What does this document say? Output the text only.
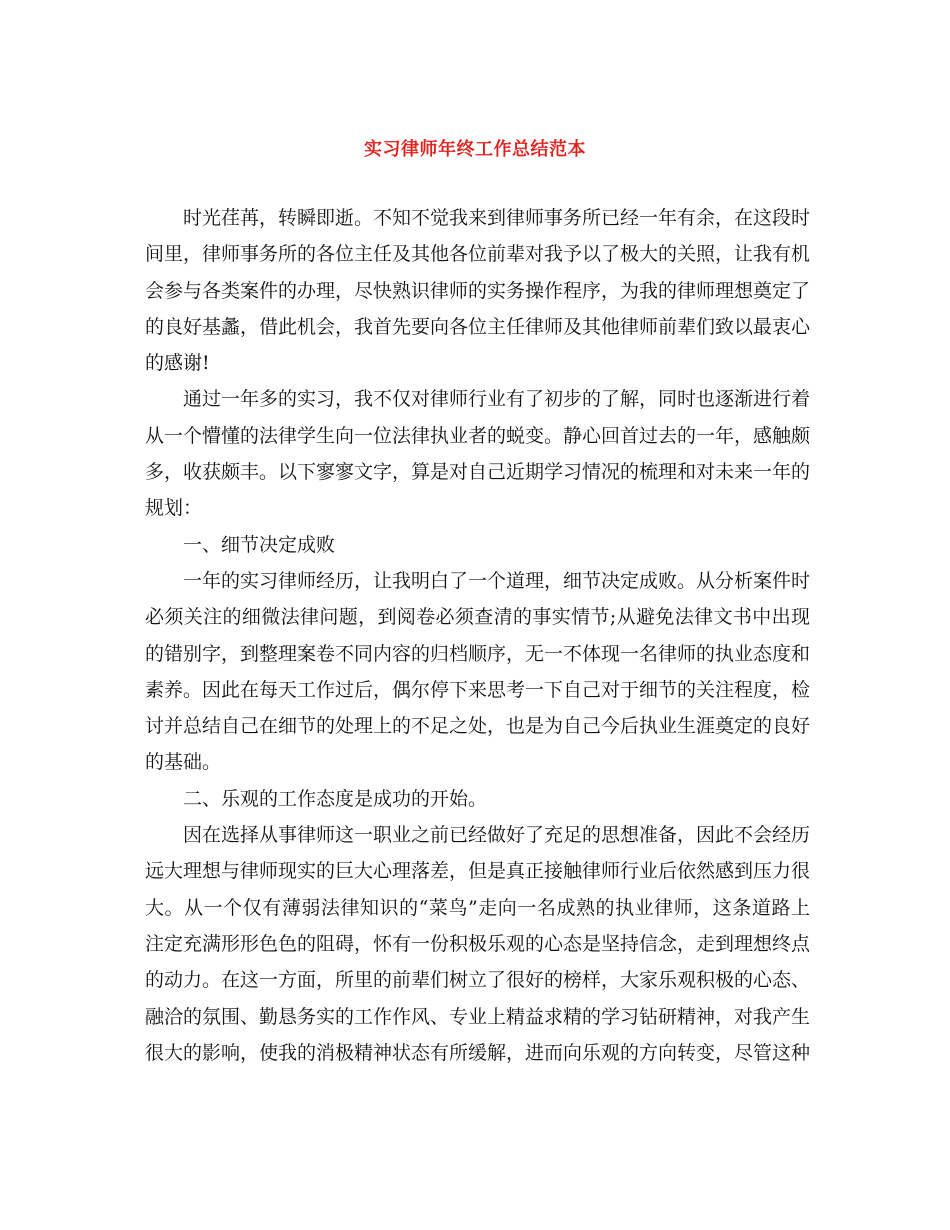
实习律师年终工作总结范本

时光荏苒，转瞬即逝。不知不觉我来到律师事务所已经一年有余，在这段时间里，律师事务所的各位主任及其他各位前辈对我予以了极大的关照，让我有机会参与各类案件的办理，尽快熟识律师的实务操作程序，为我的律师理想奠定了的良好基蠡，借此机会，我首先要向各位主任律师及其他律师前辈们致以最衷心的感谢!

通过一年多的实习，我不仅对律师行业有了初步的了解，同时也逐渐进行着从一个懵懂的法律学生向一位法律执业者的蜕变。静心回首过去的一年，感触颇多，收获颇丰。以下寥寥文字，算是对自己近期学习情况的梳理和对未来一年的规划：

一、细节决定成败

一年的实习律师经历，让我明白了一个道理，细节决定成败。从分析案件时必须关注的细微法律问题，到阅卷必须查清的事实情节;从避免法律文书中出现的错别字，到整理案卷不同内容的归档顺序，无一不体现一名律师的执业态度和素养。因此在每天工作过后，偶尔停下来思考一下自己对于细节的关注程度，检讨并总结自己在细节的处理上的不足之处，也是为自己今后执业生涯奠定的良好的基础。

二、乐观的工作态度是成功的开始。

因在选择从事律师这一职业之前已经做好了充足的思想准备，因此不会经历远大理想与律师现实的巨大心理落差，但是真正接触律师行业后依然感到压力很大。从一个仅有薄弱法律知识的“菜鸟”走向一名成熟的执业律师，这条道路上注定充满形形色色的阻碍，怀有一份积极乐观的心态是坚持信念，走到理想终点的动力。在这一方面，所里的前辈们树立了很好的榜样，大家乐观积极的心态、融洽的氛围、勤恳务实的工作作风、专业上精益求精的学习钻研精神，对我产生很大的影响，使我的消极精神状态有所缓解，进而向乐观的方向转变，尽管这种
